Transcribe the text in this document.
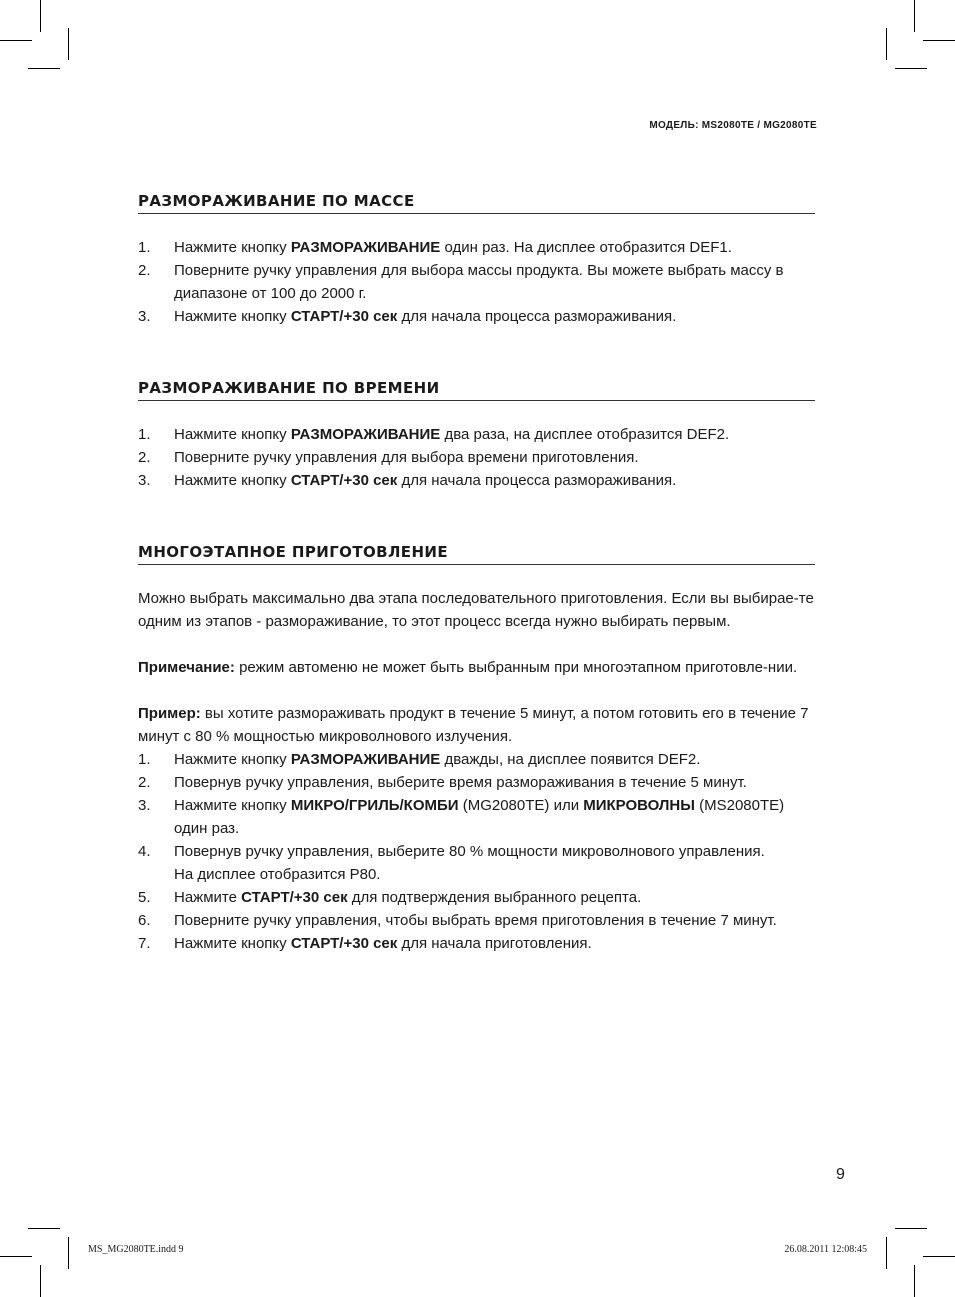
МОДЕЛЬ: MS2080TE / MG2080TE
РАЗМОРАЖИВАНИЕ ПО МАССЕ
1. Нажмите кнопку РАЗМОРАЖИВАНИЕ один раз. На дисплее отобразится DEF1.
2. Поверните ручку управления для выбора массы продукта. Вы можете выбрать массу в диапазоне от 100 до 2000 г.
3. Нажмите кнопку СТАРТ/+30 сек для начала процесса размораживания.
РАЗМОРАЖИВАНИЕ ПО ВРЕМЕНИ
1. Нажмите кнопку РАЗМОРАЖИВАНИЕ два раза, на дисплее отобразится DEF2.
2. Поверните ручку управления для выбора времени приготовления.
3. Нажмите кнопку СТАРТ/+30 сек для начала процесса размораживания.
МНОГОЭТАПНОЕ ПРИГОТОВЛЕНИЕ

Можно выбрать максимально два этапа последовательного приготовления. Если вы выбирае-те одним из этапов - размораживание, то этот процесс всегда нужно выбирать первым.

Примечание: режим автоменю не может быть выбранным при многоэтапном приготовле-нии.

Пример: вы хотите размораживать продукт в течение 5 минут, а потом готовить его в течение 7 минут с 80 % мощностью микроволнового излучения.

1. Нажмите кнопку РАЗМОРАЖИВАНИЕ дважды, на дисплее появится DEF2.
2. Повернув ручку управления, выберите время размораживания в течение 5 минут.
3. Нажмите кнопку МИКРО/ГРИЛЬ/КОМБИ (MG2080TE) или МИКРОВОЛНЫ (MS2080TE) один раз.
4. Повернув ручку управления, выберите 80 % мощности микроволнового управления.
На дисплее отобразится P80.
5. Нажмите СТАРТ/+30 сек для подтверждения выбранного рецепта.
6. Поверните ручку управления, чтобы выбрать время приготовления в течение 7 минут.
7. Нажмите кнопку СТАРТ/+30 сек для начала приготовления.
9
MS_MG2080TE.indd 9	26.08.2011 12:08:45
